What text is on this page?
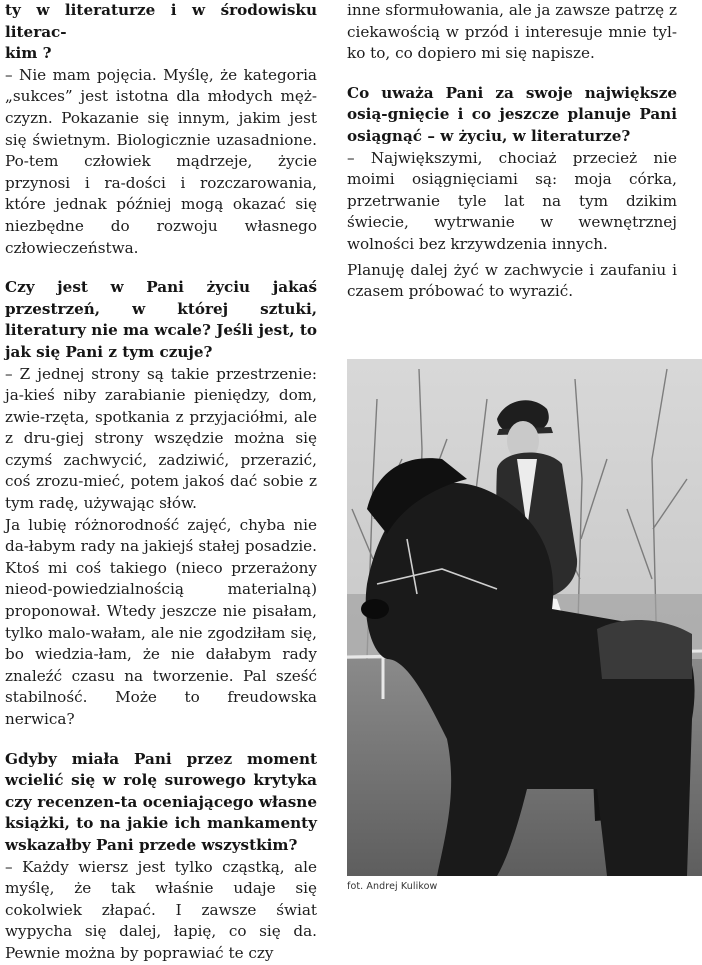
ty w literaturze i w środowisku literac-
kim ?

– Nie mam pojęcia. Myślę, że kategoria „sukces” jest istotna dla młodych męż-czyzn. Pokazanie się innym, jakim jest się świetnym. Biologicznie uzasadnione. Po-tem człowiek mądrzeje, życie przynosi i ra-dości i rozczarowania, które jednak później mogą okazać się niezbędne do rozwoju własnego człowieczeństwa.

Czy jest w Pani życiu jakaś przestrzeń, w której sztuki, literatury nie ma wcale? Jeśli jest, to jak się Pani z tym czuje?

– Z jednej strony są takie przestrzenie: ja-kieś niby zarabianie pieniędzy, dom, zwie-rzęta, spotkania z przyjaciółmi, ale z dru-giej strony wszędzie można się czymś zachwycić, zadziwić, przerazić, coś zrozu-mieć, potem jakoś dać sobie z tym radę, używając słów.

Ja lubię różnorodność zajęć, chyba nie da-łabym rady na jakiejś stałej posadzie. Ktoś mi coś takiego (nieco przerażony nieod-powiedzialnością materialną) proponował. Wtedy jeszcze nie pisałam, tylko malo-wałam, ale nie zgodziłam się, bo wiedzia-łam, że nie dałabym rady znaleźć czasu na tworzenie. Pal sześć stabilność. Może to freudowska nerwica?

Gdyby miała Pani przez moment wcielić się w rolę surowego krytyka czy recenzen-ta oceniającego własne książki, to na jakie ich mankamenty wskazałby Pani przede wszystkim?

– Każdy wiersz jest tylko cząstką, ale myślę, że tak właśnie udaje się cokolwiek złapać. I zawsze świat wypycha się dalej, łapię, co się da. Pewnie można by poprawiać te czy

inne sformułowania, ale ja zawsze patrzę z ciekawością w przód i interesuje mnie tyl-ko to, co dopiero mi się napisze.

Co uważa Pani za swoje największe osią-gnięcie i co jeszcze planuje Pani osiągnąć – w życiu, w literaturze?

– Największymi, chociaż przecież nie moimi osiągnięciami są: moja córka, przetrwanie tyle lat na tym dzikim świecie, wytrwanie w wewnętrznej wolności bez krzywdzenia innych.

Planuję dalej żyć w zachwycie i zaufaniu i czasem próbować to wyrazić.

fot. Andrej Kulikow
